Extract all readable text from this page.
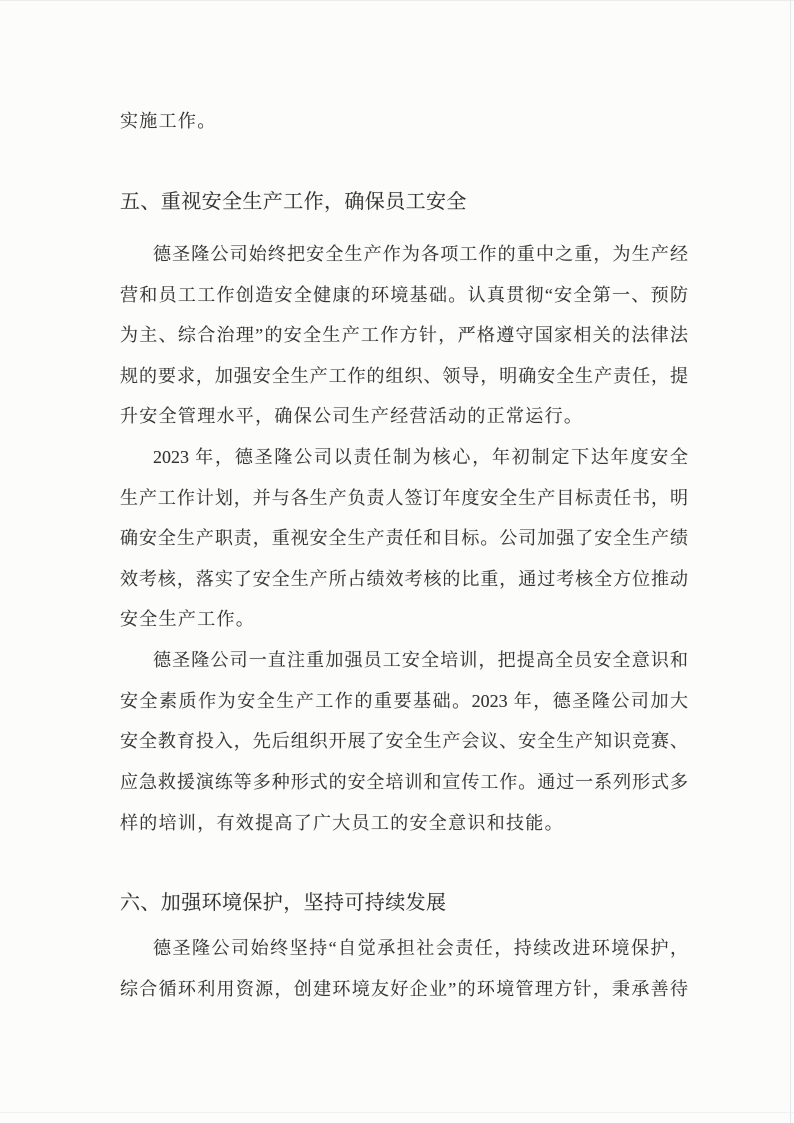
实施工作。
五、重视安全生产工作，确保员工安全
德圣隆公司始终把安全生产作为各项工作的重中之重，为生产经
营和员工工作创造安全健康的环境基础。认真贯彻“安全第一、预防
为主、综合治理”的安全生产工作方针，严格遵守国家相关的法律法
规的要求，加强安全生产工作的组织、领导，明确安全生产责任，提
升安全管理水平，确保公司生产经营活动的正常运行。
2023 年，德圣隆公司以责任制为核心，年初制定下达年度安全
生产工作计划，并与各生产负责人签订年度安全生产目标责任书，明
确安全生产职责，重视安全生产责任和目标。公司加强了安全生产绩
效考核，落实了安全生产所占绩效考核的比重，通过考核全方位推动
安全生产工作。
德圣隆公司一直注重加强员工安全培训，把提高全员安全意识和
安全素质作为安全生产工作的重要基础。2023 年，德圣隆公司加大
安全教育投入，先后组织开展了安全生产会议、安全生产知识竞赛、
应急救援演练等多种形式的安全培训和宣传工作。通过一系列形式多
样的培训，有效提高了广大员工的安全意识和技能。
六、加强环境保护，坚持可持续发展
德圣隆公司始终坚持“自觉承担社会责任，持续改进环境保护，
综合循环利用资源，创建环境友好企业”的环境管理方针，秉承善待
